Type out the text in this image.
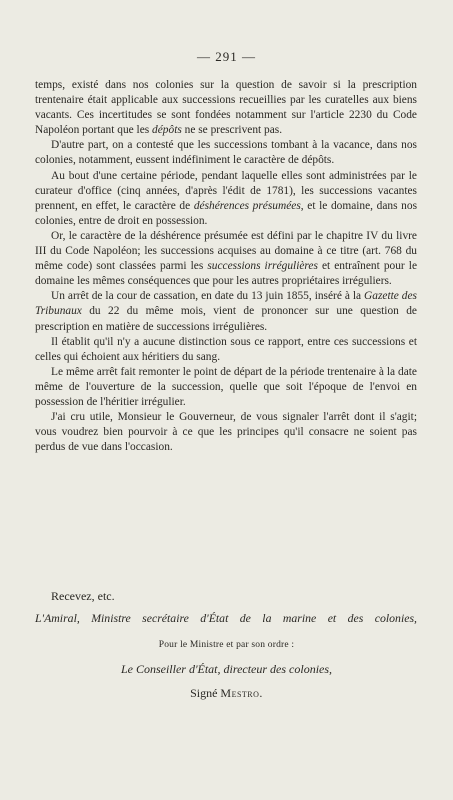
— 291 —

temps, existé dans nos colonies sur la question de savoir si la prescription trentenaire était applicable aux successions recueillies par les curatelles aux biens vacants. Ces incertitudes se sont fondées notamment sur l'article 2230 du Code Napoléon portant que les dépôts ne se prescrivent pas.

D'autre part, on a contesté que les successions tombant à la vacance, dans nos colonies, notamment, eussent indéfiniment le caractère de dépôts.

Au bout d'une certaine période, pendant laquelle elles sont administrées par le curateur d'office (cinq années, d'après l'édit de 1781), les successions vacantes prennent, en effet, le caractère de déshérences présumées, et le domaine, dans nos colonies, entre de droit en possession.

Or, le caractère de la déshérence présumée est défini par le chapitre IV du livre III du Code Napoléon; les successions acquises au domaine à ce titre (art. 768 du même code) sont classées parmi les successions irrégulières et entraînent pour le domaine les mêmes conséquences que pour les autres propriétaires irréguliers.

Un arrêt de la cour de cassation, en date du 13 juin 1855, inséré à la Gazette des Tribunaux du 22 du même mois, vient de prononcer sur une question de prescription en matière de successions irrégulières.

Il établit qu'il n'y a aucune distinction sous ce rapport, entre ces successions et celles qui échoient aux héritiers du sang.

Le même arrêt fait remonter le point de départ de la période trentenaire à la date même de l'ouverture de la succession, quelle que soit l'époque de l'envoi en possession de l'héritier irrégulier.

J'ai cru utile, Monsieur le Gouverneur, de vous signaler l'arrêt dont il s'agit; vous voudrez bien pourvoir à ce que les principes qu'il consacre ne soient pas perdus de vue dans l'occasion.

Recevez, etc.
L'Amiral, Ministre secrétaire d'État de la marine et des colonies,
Pour le Ministre et par son ordre :
Le Conseiller d'État, directeur des colonies,
Signé Mestro.
